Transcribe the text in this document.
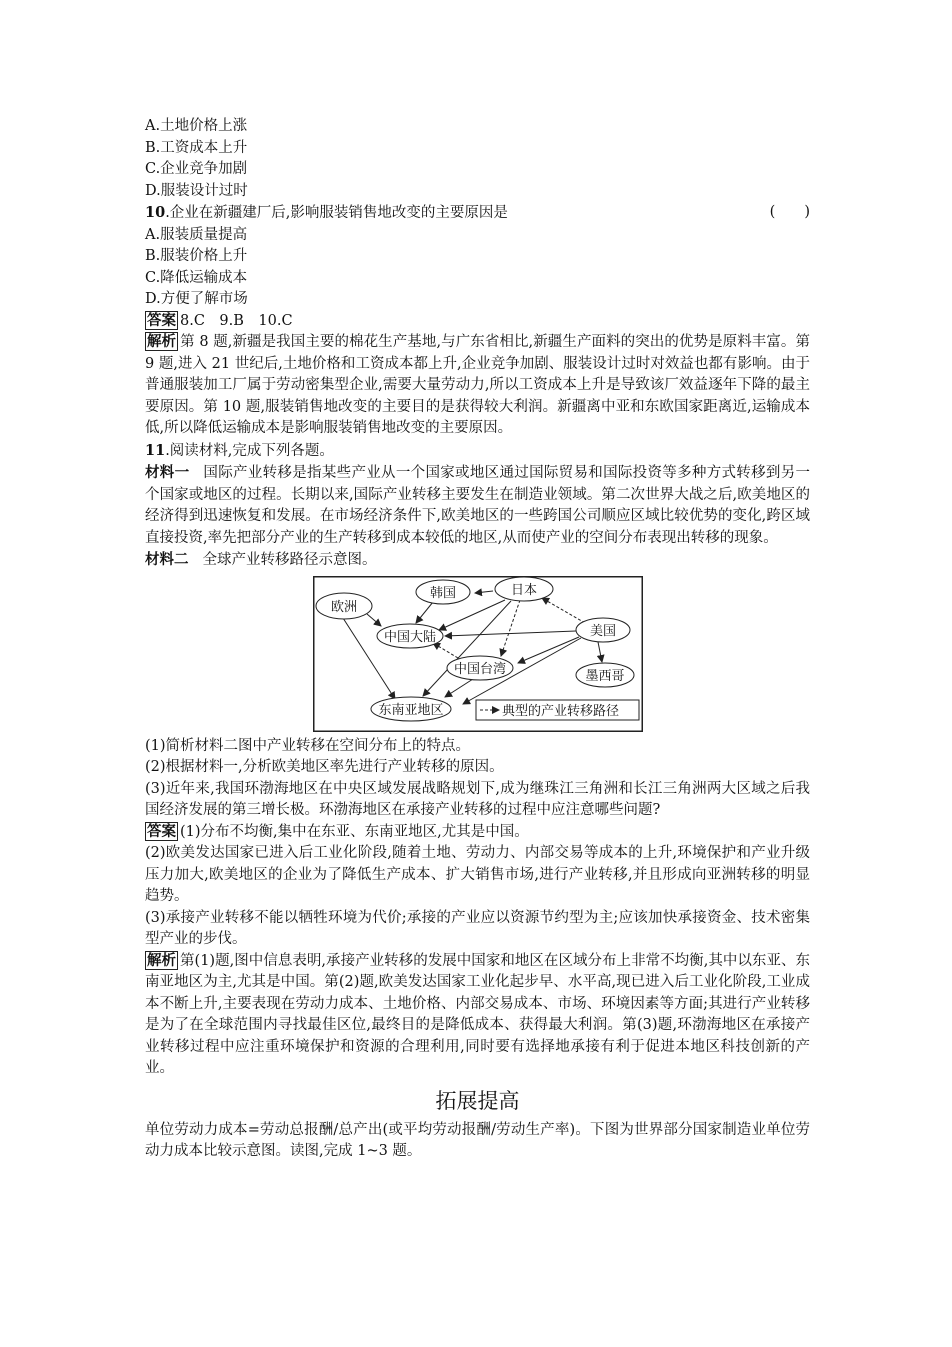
A.土地价格上涨

B.工资成本上升

C.企业竞争加剧

D.服装设计过时

10.企业在新疆建厂后,影响服装销售地改变的主要原因是	(　　)

A.服装质量提高

B.服装价格上升

C.降低运输成本

D.方便了解市场

答案 8.C　9.B　10.C

解析 第 8 题,新疆是我国主要的棉花生产基地,与广东省相比,新疆生产面料的突出的优势是原料丰富。第 9 题,进入 21 世纪后,土地价格和工资成本都上升,企业竞争加剧、服装设计过时对效益也都有影响。由于普通服装加工厂属于劳动密集型企业,需要大量劳动力,所以工资成本上升是导致该厂效益逐年下降的最主要原因。第 10 题,服装销售地改变的主要目的是获得较大利润。新疆离中亚和东欧国家距离近,运输成本低,所以降低运输成本是影响服装销售地改变的主要原因。

11.阅读材料,完成下列各题。

材料一 国际产业转移是指某些产业从一个国家或地区通过国际贸易和国际投资等多种方式转移到另一个国家或地区的过程。长期以来,国际产业转移主要发生在制造业领域。第二次世界大战之后,欧美地区的经济得到迅速恢复和发展。在市场经济条件下,欧美地区的一些跨国公司顺应区域比较优势的变化,跨区域直接投资,率先把部分产业的生产转移到成本较低的地区,从而使产业的空间分布表现出转移的现象。

材料二 全球产业转移路径示意图。

欧洲
韩国	日本
中国大陆	美国
中国台湾	墨西哥
东南亚地区	典型的产业转移路径

(1)简析材料二图中产业转移在空间分布上的特点。

(2)根据材料一,分析欧美地区率先进行产业转移的原因。

(3)近年来,我国环渤海地区在中央区域发展战略规划下,成为继珠江三角洲和长江三角洲两大区域之后我国经济发展的第三增长极。环渤海地区在承接产业转移的过程中应注意哪些问题?

答案 (1)分布不均衡,集中在东亚、东南亚地区,尤其是中国。

(2)欧美发达国家已进入后工业化阶段,随着土地、劳动力、内部交易等成本的上升,环境保护和产业升级压力加大,欧美地区的企业为了降低生产成本、扩大销售市场,进行产业转移,并且形成向亚洲转移的明显趋势。

(3)承接产业转移不能以牺牲环境为代价;承接的产业应以资源节约型为主;应该加快承接资金、技术密集型产业的步伐。

解析 第(1)题,图中信息表明,承接产业转移的发展中国家和地区在区域分布上非常不均衡,其中以东亚、东南亚地区为主,尤其是中国。第(2)题,欧美发达国家工业化起步早、水平高,现已进入后工业化阶段,工业成本不断上升,主要表现在劳动力成本、土地价格、内部交易成本、市场、环境因素等方面;其进行产业转移是为了在全球范围内寻找最佳区位,最终目的是降低成本、获得最大利润。第(3)题,环渤海地区在承接产业转移过程中应注重环境保护和资源的合理利用,同时要有选择地承接有利于促进本地区科技创新的产业。

拓展提高

单位劳动力成本=劳动总报酬/总产出(或平均劳动报酬/劳动生产率)。下图为世界部分国家制造业单位劳动力成本比较示意图。读图,完成 1~3 题。
